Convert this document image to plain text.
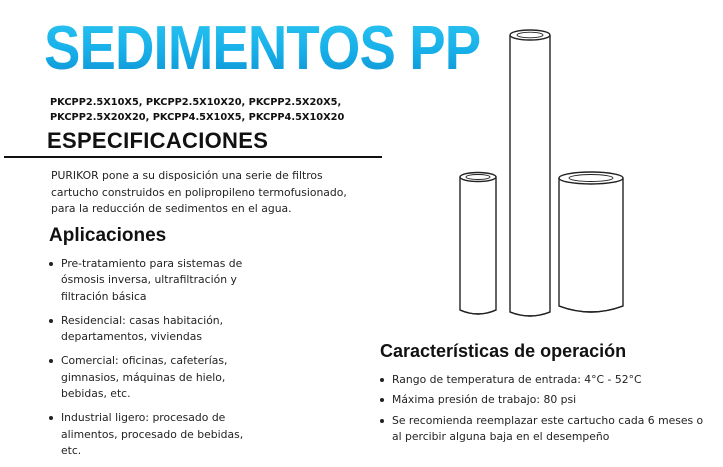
SEDIMENTOS PP
PKCPP2.5X10X5, PKCPP2.5X10X20, PKCPP2.5X20X5,
PKCPP2.5X20X20, PKCPP4.5X10X5, PKCPP4.5X10X20
ESPECIFICACIONES
PURIKOR pone a su disposición una serie de filtros cartucho construidos en polipropileno termofusionado, para la reducción de sedimentos en el agua.
Aplicaciones
Pre-tratamiento para sistemas de ósmosis inversa, ultrafiltración y filtración básica
Residencial: casas habitación, departamentos, viviendas
Comercial: oficinas, cafeterías, gimnasios, máquinas de hielo, bebidas, etc.
Industrial ligero: procesado de alimentos, procesado de bebidas, etc.
Características de operación
Rango de temperatura de entrada: 4°C - 52°C
Máxima presión de trabajo: 80 psi
Se recomienda reemplazar este cartucho cada 6 meses o al percibir alguna baja en el desempeño
